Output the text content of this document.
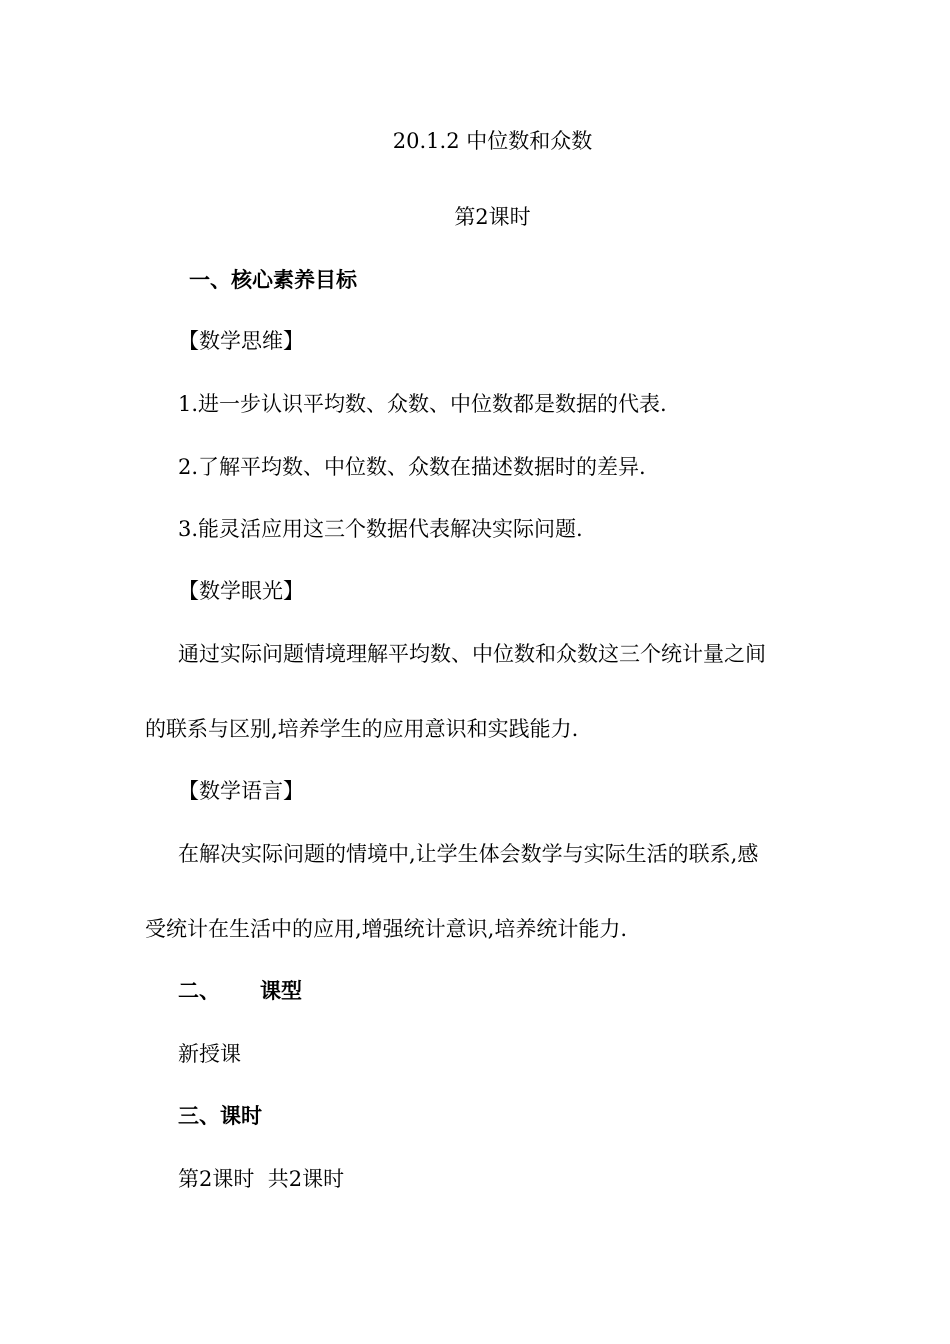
20.1.2 中位数和众数
第2课时
一、核心素养目标
【数学思维】
1.进一步认识平均数、众数、中位数都是数据的代表.
2.了解平均数、中位数、众数在描述数据时的差异.
3.能灵活应用这三个数据代表解决实际问题.
【数学眼光】
通过实际问题情境理解平均数、中位数和众数这三个统计量之间
的联系与区别,培养学生的应用意识和实践能力.
【数学语言】
在解决实际问题的情境中,让学生体会数学与实际生活的联系,感
受统计在生活中的应用,增强统计意识,培养统计能力.
二、 课型
新授课
三、课时
第2课时  共2课时
